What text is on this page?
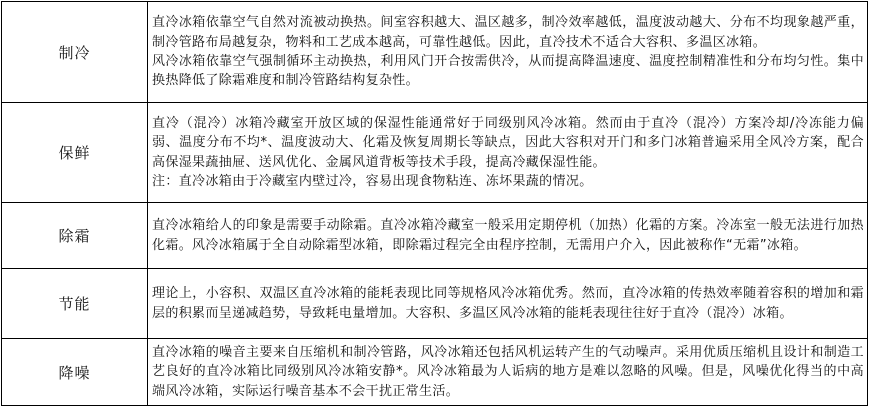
制冷	直冷冰箱依靠空气自然对流被动换热。间室容积越大、温区越多，制冷效率越低，温度波动越大、分布不均现象越严重，制冷管路布局越复杂，物料和工艺成本越高，可靠性越低。因此，直冷技术不适合大容积、多温区冰箱。

风冷冰箱依靠空气强制循环主动换热，利用风门开合按需供冷，从而提高降温速度、温度控制精准性和分布均匀性。集中换热降低了除霜难度和制冷管路结构复杂性。

保鲜	直冷（混冷）冰箱冷藏室开放区域的保湿性能通常好于同级别风冷冰箱。然而由于直冷（混冷）方案冷却/冷冻能力偏弱、温度分布不均*、温度波动大、化霜及恢复周期长等缺点，因此大容积对开门和多门冰箱普遍采用全风冷方案，配合高保湿果蔬抽屉、送风优化、金属风道背板等技术手段，提高冷藏保湿性能。

注：直冷冰箱由于冷藏室内壁过冷，容易出现食物粘连、冻坏果蔬的情况。

除霜	直冷冰箱给人的印象是需要手动除霜。直冷冰箱冷藏室一般采用定期停机（加热）化霜的方案。冷冻室一般无法进行加热化霜。风冷冰箱属于全自动除霜型冰箱，即除霜过程完全由程序控制，无需用户介入，因此被称作“无霜”冰箱。

节能	理论上，小容积、双温区直冷冰箱的能耗表现比同等规格风冷冰箱优秀。然而，直冷冰箱的传热效率随着容积的增加和霜层的积累而呈递减趋势，导致耗电量增加。大容积、多温区风冷冰箱的能耗表现往往好于直冷（混冷）冰箱。

降噪	直冷冰箱的噪音主要来自压缩机和制冷管路，风冷冰箱还包括风机运转产生的气动噪声。采用优质压缩机且设计和制造工艺良好的直冷冰箱比同级别风冷冰箱安静*。风冷冰箱最为人诟病的地方是难以忽略的风噪。但是，风噪优化得当的中高端风冷冰箱，实际运行噪音基本不会干扰正常生活。
